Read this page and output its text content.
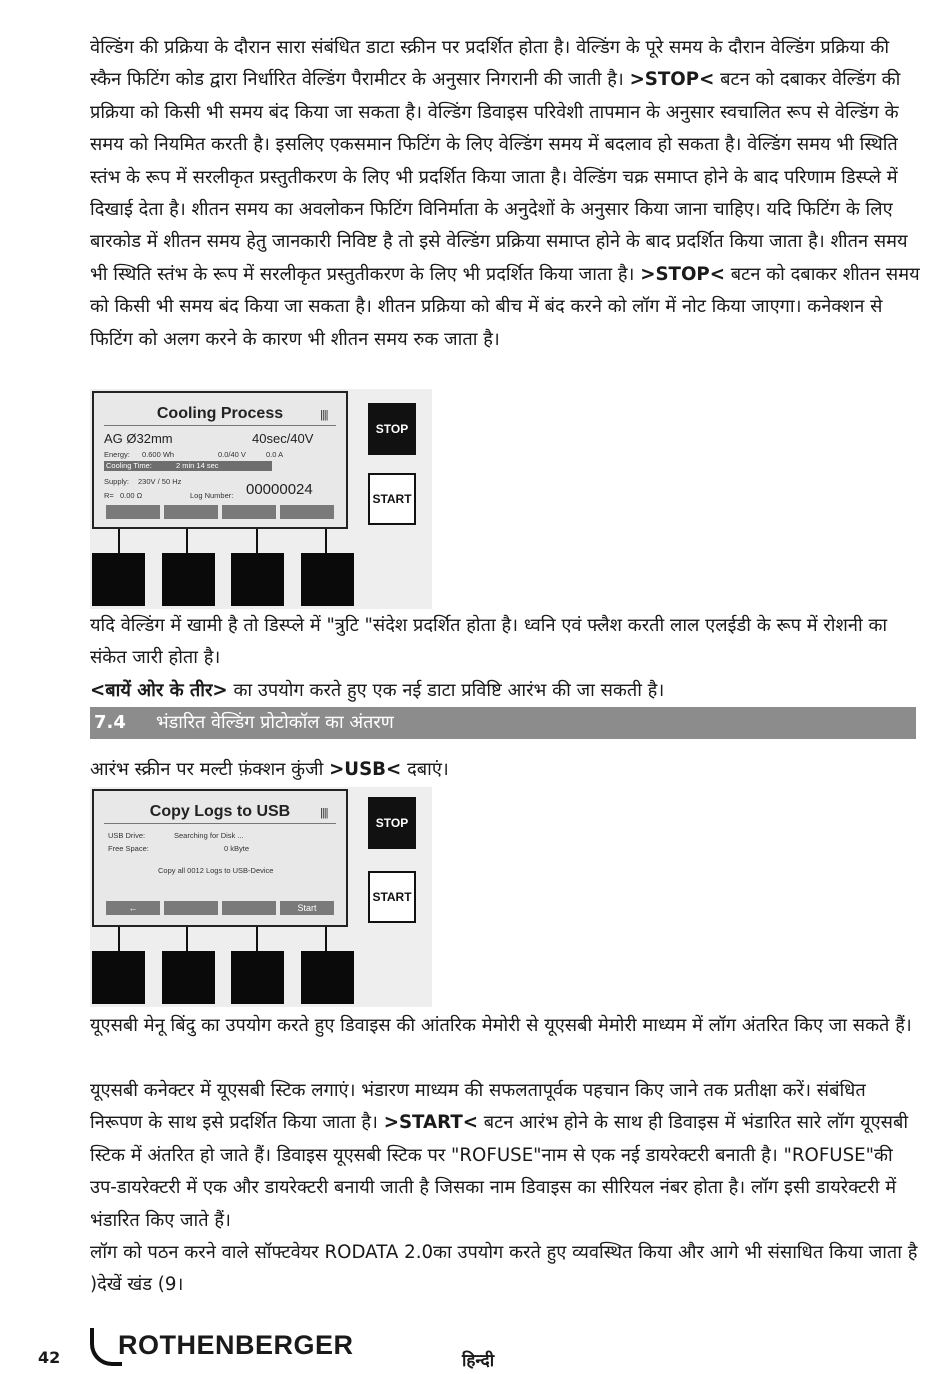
वेल्डिंग की प्रक्रिया के दौरान सारा संबंधित डाटा स्क्रीन पर प्रदर्शित होता है। वेल्डिंग के पूरे समय के दौरान वेल्डिंग प्रक्रिया की स्कैन फिटिंग कोड द्वारा निर्धारित वेल्डिंग पैरामीटर के अनुसार निगरानी की जाती है। >STOP< बटन को दबाकर वेल्डिंग की प्रक्रिया को किसी भी समय बंद किया जा सकता है। वेल्डिंग डिवाइस परिवेशी तापमान के अनुसार स्वचालित रूप से वेल्डिंग के समय को नियमित करती है। इसलिए एकसमान फिटिंग के लिए वेल्डिंग समय में बदलाव हो सकता है। वेल्डिंग समय भी स्थिति स्तंभ के रूप में सरलीकृत प्रस्तुतीकरण के लिए भी प्रदर्शित किया जाता है। वेल्डिंग चक्र समाप्त होने के बाद परिणाम डिस्प्ले में दिखाई देता है। शीतन समय का अवलोकन फिटिंग विनिर्माता के अनुदेशों के अनुसार किया जाना चाहिए। यदि फिटिंग के लिए बारकोड में शीतन समय हेतु जानकारी निविष्ट है तो इसे वेल्डिंग प्रक्रिया समाप्त होने के बाद प्रदर्शित किया जाता है। शीतन समय भी स्थिति स्तंभ के रूप में सरलीकृत प्रस्तुतीकरण के लिए भी प्रदर्शित किया जाता है। >STOP< बटन को दबाकर शीतन समय को किसी भी समय बंद किया जा सकता है। शीतन प्रक्रिया को बीच में बंद करने को लॉग में नोट किया जाएगा। कनेक्शन से फिटिंग को अलग करने के कारण भी शीतन समय रुक जाता है।

Cooling Process	||||
AG Ø32mm	40sec/40V
Energy: 0.600 Wh	0.0/40 V	0.0 A
Cooling Time:	2 min 14 sec
Supply: 230V / 50 Hz
R= 0.00 Ω	Log Number: 00000024
STOP
START

यदि वेल्डिंग में खामी है तो डिस्प्ले में "त्रुटि "संदेश प्रदर्शित होता है। ध्वनि एवं फ्लैश करती लाल एलईडी के रूप में रोशनी का संकेत जारी होता है।

<बायें ओर के तीर> का उपयोग करते हुए एक नई डाटा प्रविष्टि आरंभ की जा सकती है।

7.4 भंडारित वेल्डिंग प्रोटोकॉल का अंतरण

आरंभ स्क्रीन पर मल्टी फ़ंक्शन कुंजी >USB< दबाएं।

Copy Logs to USB	||||
USB Drive:	Searching for Disk ...
Free Space:	0 kByte
Copy all 0012 Logs to USB-Device
←	Start
STOP
START

यूएसबी मेनू बिंदु का उपयोग करते हुए डिवाइस की आंतरिक मेमोरी से यूएसबी मेमोरी माध्यम में लॉग अंतरित किए जा सकते हैं।

यूएसबी कनेक्टर में यूएसबी स्टिक लगाएं। भंडारण माध्यम की सफलतापूर्वक पहचान किए जाने तक प्रतीक्षा करें। संबंधित निरूपण के साथ इसे प्रदर्शित किया जाता है। >START< बटन आरंभ होने के साथ ही डिवाइस में भंडारित सारे लॉग यूएसबी स्टिक में अंतरित हो जाते हैं। डिवाइस यूएसबी स्टिक पर "ROFUSE"नाम से एक नई डायरेक्टरी बनाती है। "ROFUSE"की उप-डायरेक्टरी में एक और डायरेक्टरी बनायी जाती है जिसका नाम डिवाइस का सीरियल नंबर होता है। लॉग इसी डायरेक्टरी में भंडारित किए जाते हैं।

लॉग को पठन करने वाले सॉफ्टवेयर RODATA 2.0का उपयोग करते हुए व्यवस्थित किया और आगे भी संसाधित किया जाता है )देखें खंड (9।

42 ROTHENBERGER
हिन्दी
